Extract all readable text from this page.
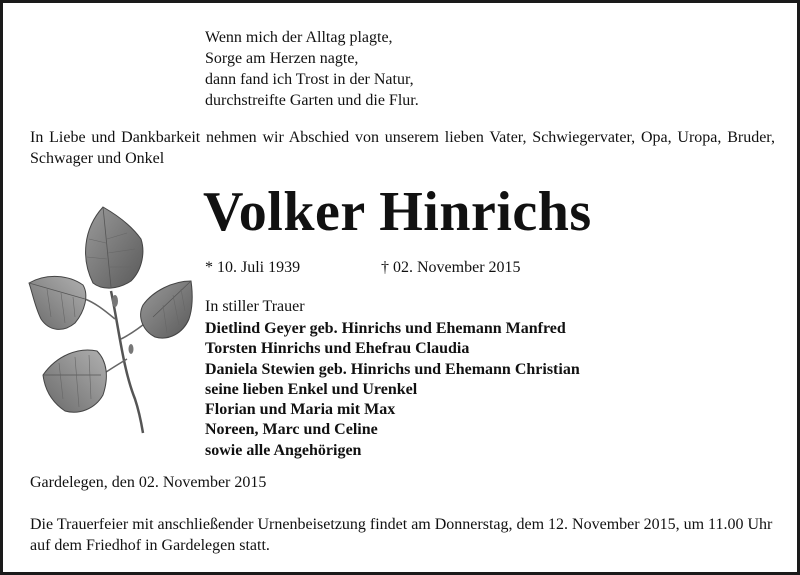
Wenn mich der Alltag plagte,
Sorge am Herzen nagte,
dann fand ich Trost in der Natur,
durchstreifte Garten und die Flur.
In Liebe und Dankbarkeit nehmen wir Abschied von unserem lieben Vater, Schwiegervater, Opa, Uropa, Bruder, Schwager und Onkel
Volker Hinrichs
* 10. Juli 1939	† 02. November 2015
In stiller Trauer
Dietlind Geyer geb. Hinrichs und Ehemann Manfred
Torsten Hinrichs und Ehefrau Claudia
Daniela Stewien geb. Hinrichs und Ehemann Christian
seine lieben Enkel und Urenkel
Florian und Maria mit Max
Noreen, Marc und Celine
sowie alle Angehörigen
Gardelegen, den 02. November 2015
Die Trauerfeier mit anschließender Urnenbeisetzung findet am Donnerstag, dem 12. November 2015, um 11.00 Uhr auf dem Friedhof in Gardelegen statt.
